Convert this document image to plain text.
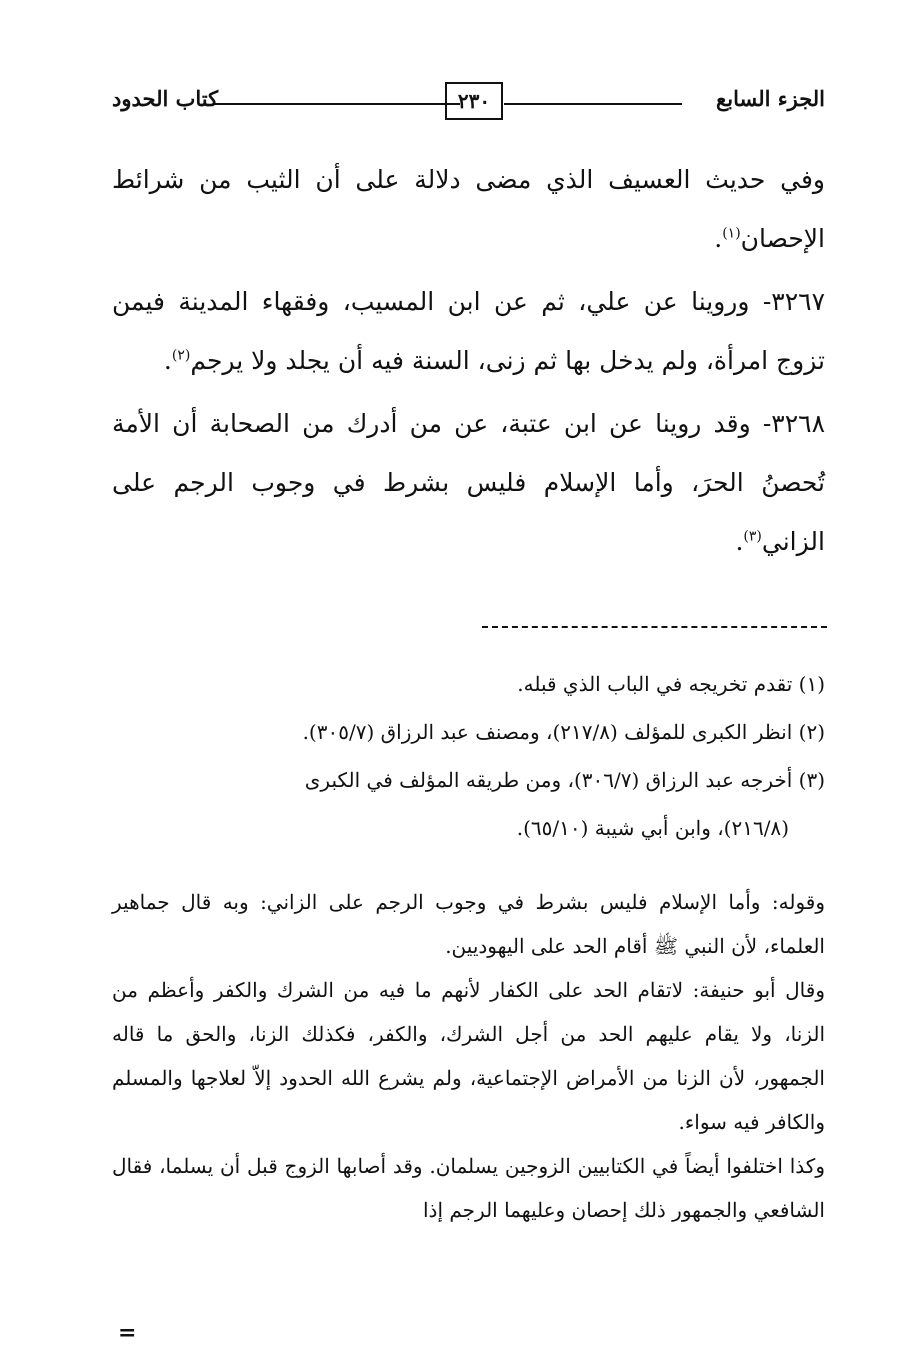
الجزء السابع
٢٣٠
كتاب الحدود

وفي حديث العسيف الذي مضى دلالة على أن الثيب من شرائط الإحصان$^{(١)}$.

٣٢٦٧- وروينا عن علي، ثم عن ابن المسيب، وفقهاء المدينة فيمن تزوج امرأة، ولم يدخل بها ثم زنى، السنة فيه أن يجلد ولا يرجم$^{(٢)}$.

٣٢٦٨- وقد روينا عن ابن عتبة، عن من أدرك من الصحابة أن الأمة تُحصنُ الحرَ، وأما الإسلام فليس بشرط في وجوب الرجم على الزاني$^{(٣)}$.

(١) تقدم تخريجه في الباب الذي قبله.

(٢) انظر الكبرى للمؤلف (٢١٧/٨)، ومصنف عبد الرزاق (٣٠٥/٧).

(٣) أخرجه عبد الرزاق (٣٠٦/٧)، ومن طريقه المؤلف في الكبرى

(٢١٦/٨)، وابن أبي شيبة (٦٥/١٠).

وقوله: وأما الإسلام فليس بشرط في وجوب الرجم على الزاني: وبه قال جماهير العلماء، لأن النبي ﷺ أقام الحد على اليهوديين.

وقال أبو حنيفة: لاتقام الحد على الكفار لأنهم ما فيه من الشرك والكفر وأعظم من الزنا، ولا يقام عليهم الحد من أجل الشرك، والكفر، فكذلك الزنا، والحق ما قاله الجمهور، لأن الزنا من الأمراض الإجتماعية، ولم يشرع الله الحدود إلاّ لعلاجها والمسلم والكافر فيه سواء.

وكذا اختلفوا أيضاً في الكتابيين الزوجين يسلمان. وقد أصابها الزوج قبل أن يسلما، فقال الشافعي والجمهور ذلك إحصان وعليهما الرجم إذا

=
